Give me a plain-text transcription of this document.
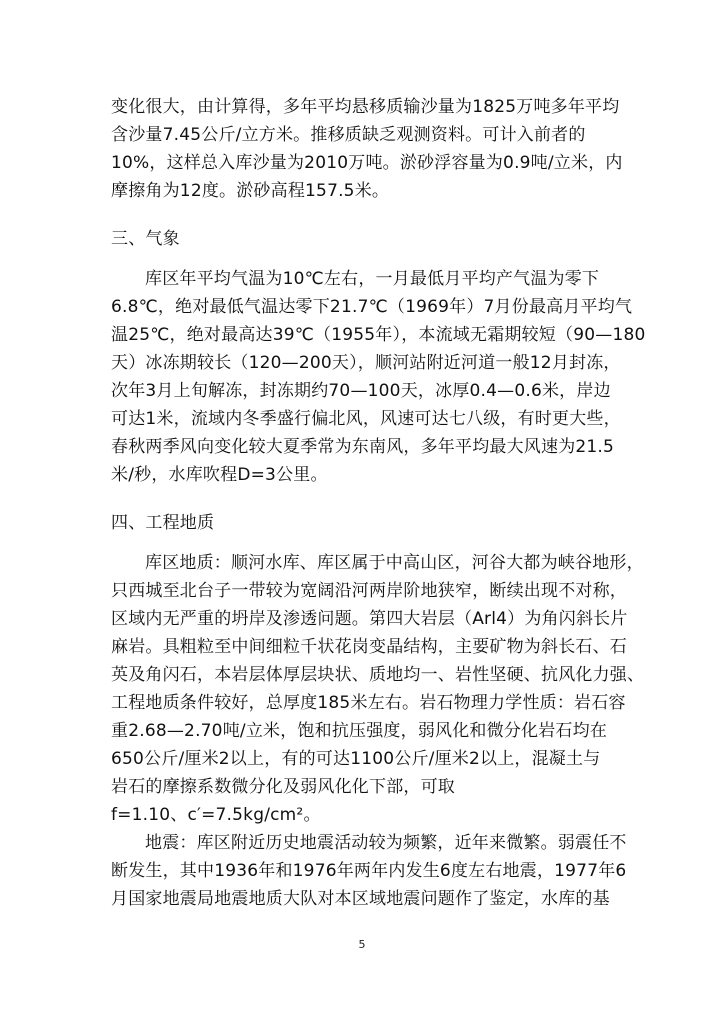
变化很大，由计算得，多年平均悬移质输沙量为1825万吨多年平均
含沙量7.45公斤/立方米。推移质缺乏观测资料。可计入前者的
10%，这样总入库沙量为2010万吨。淤砂浮容量为0.9吨/立米，内
摩擦角为12度。淤砂高程157.5米。
三、气象
库区年平均气温为10℃左右，一月最低月平均产气温为零下
6.8℃，绝对最低气温达零下21.7℃（1969年）7月份最高月平均气
温25℃，绝对最高达39℃（1955年），本流域无霜期较短（90—180
天）冰冻期较长（120—200天），顺河站附近河道一般12月封冻，
次年3月上旬解冻，封冻期约70—100天，冰厚0.4—0.6米，岸边
可达1米，流域内冬季盛行偏北风，风速可达七八级，有时更大些，
春秋两季风向变化较大夏季常为东南风，多年平均最大风速为21.5
米/秒，水库吹程D=3公里。
四、工程地质
库区地质：顺河水库、库区属于中高山区，河谷大都为峡谷地形，
只西城至北台子一带较为宽阔沿河两岸阶地狭窄，断续出现不对称，
区域内无严重的坍岸及渗透问题。第四大岩层（Arl4）为角闪斜长片
麻岩。具粗粒至中间细粒千状花岗变晶结构，主要矿物为斜长石、石
英及角闪石，本岩层体厚层块状、质地均一、岩性坚硬、抗风化力强、
工程地质条件较好，总厚度185米左右。岩石物理力学性质：岩石容
重2.68—2.70吨/立米，饱和抗压强度，弱风化和微分化岩石均在
650公斤/厘米2以上，有的可达1100公斤/厘米2以上，混凝土与
岩石的摩擦系数微分化及弱风化化下部，可取
f=1.10、c′=7.5kg/cm²。
地震：库区附近历史地震活动较为频繁，近年来微繁。弱震任不
断发生，其中1936年和1976年两年内发生6度左右地震，1977年6
月国家地震局地震地质大队对本区域地震问题作了鉴定，水库的基
5
